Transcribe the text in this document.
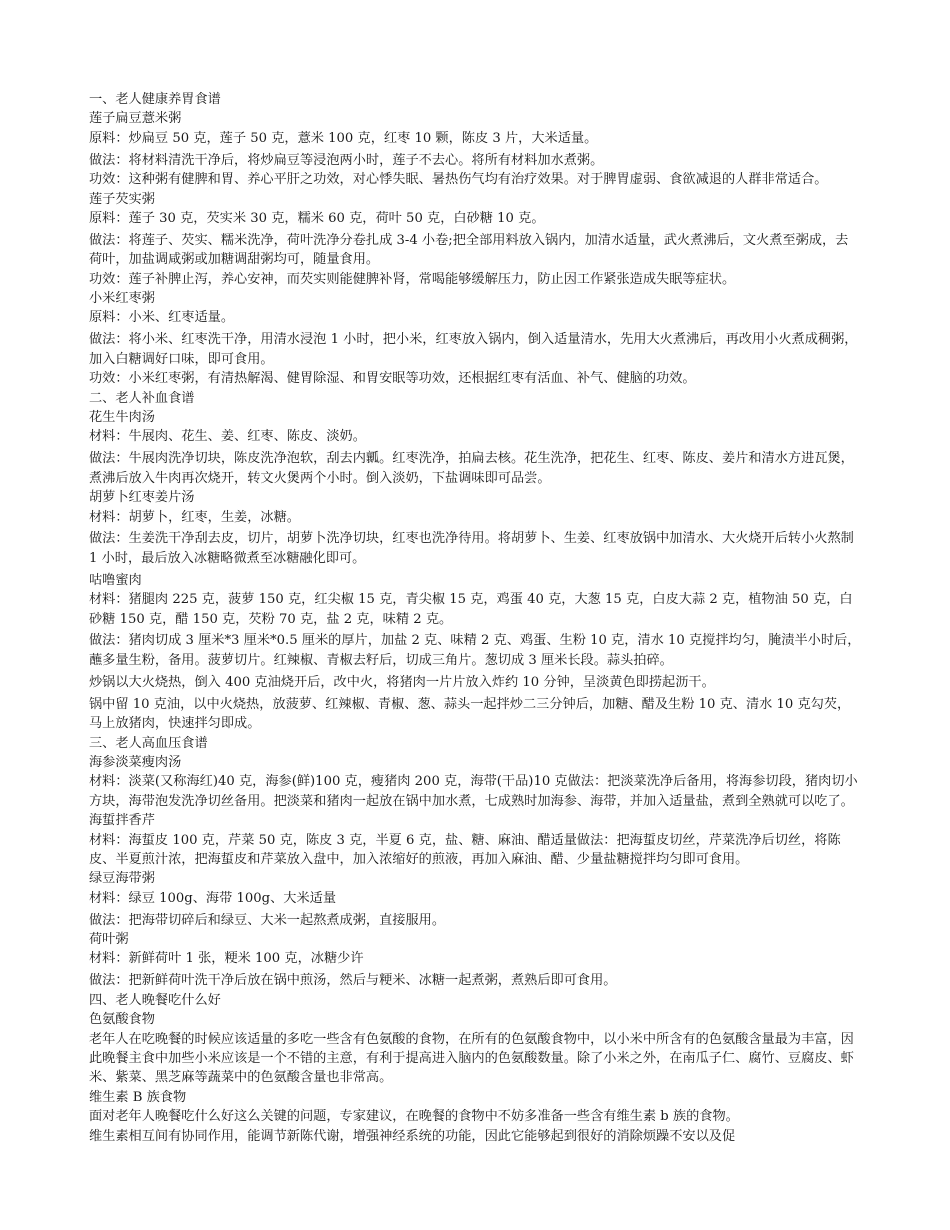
一、老人健康养胃食谱

莲子扁豆薏米粥

原料：炒扁豆 50 克，莲子 50 克，薏米 100 克，红枣 10 颗，陈皮 3 片，大米适量。

做法：将材料清洗干净后，将炒扁豆等浸泡两小时，莲子不去心。将所有材料加水煮粥。

功效：这种粥有健脾和胃、养心平肝之功效，对心悸失眠、暑热伤气均有治疗效果。对于脾胃虚弱、食欲减退的人群非常适合。

莲子芡实粥

原料：莲子 30 克，芡实米 30 克，糯米 60 克，荷叶 50 克，白砂糖 10 克。

做法：将莲子、芡实、糯米洗净，荷叶洗净分卷扎成 3-4 小卷;把全部用料放入锅内，加清水适量，武火煮沸后，文火煮至粥成，去荷叶，加盐调咸粥或加糖调甜粥均可，随量食用。

功效：莲子补脾止泻，养心安神，而芡实则能健脾补肾，常喝能够缓解压力，防止因工作紧张造成失眠等症状。

小米红枣粥

原料：小米、红枣适量。

做法：将小米、红枣洗干净，用清水浸泡 1 小时，把小米，红枣放入锅内，倒入适量清水，先用大火煮沸后，再改用小火煮成稠粥，加入白糖调好口味，即可食用。

功效：小米红枣粥，有清热解渴、健胃除湿、和胃安眠等功效，还根据红枣有活血、补气、健脑的功效。

二、老人补血食谱

花生牛肉汤

材料：牛展肉、花生、姜、红枣、陈皮、淡奶。

做法：牛展肉洗净切块，陈皮洗净泡软，刮去内瓤。红枣洗净，拍扁去核。花生洗净，把花生、红枣、陈皮、姜片和清水方进瓦煲，煮沸后放入牛肉再次烧开，转文火煲两个小时。倒入淡奶，下盐调味即可品尝。

胡萝卜红枣姜片汤

材料：胡萝卜，红枣，生姜，冰糖。

做法：生姜洗干净刮去皮，切片，胡萝卜洗净切块，红枣也洗净待用。将胡萝卜、生姜、红枣放锅中加清水、大火烧开后转小火熬制 1 小时，最后放入冰糖略微煮至冰糖融化即可。

咕噜蜜肉

材料：猪腿肉 225 克，菠萝 150 克，红尖椒 15 克，青尖椒 15 克，鸡蛋 40 克，大葱 15 克，白皮大蒜 2 克，植物油 50 克，白砂糖 150 克，醋 150 克，芡粉 70 克，盐 2 克，味精 2 克。

做法：猪肉切成 3 厘米*3 厘米*0.5 厘米的厚片，加盐 2 克、味精 2 克、鸡蛋、生粉 10 克，清水 10 克搅拌均匀，腌渍半小时后，蘸多量生粉，备用。菠萝切片。红辣椒、青椒去籽后，切成三角片。葱切成 3 厘米长段。蒜头拍碎。

炒锅以大火烧热，倒入 400 克油烧开后，改中火，将猪肉一片片放入炸约 10 分钟，呈淡黄色即捞起沥干。

锅中留 10 克油，以中火烧热，放菠萝、红辣椒、青椒、葱、蒜头一起拌炒二三分钟后，加糖、醋及生粉 10 克、清水 10 克勾芡，马上放猪肉，快速拌匀即成。

三、老人高血压食谱

海参淡菜瘦肉汤

材料：淡菜(又称海红)40 克，海参(鲜)100 克，瘦猪肉 200 克，海带(干品)10 克做法：把淡菜洗净后备用，将海参切段，猪肉切小方块，海带泡发洗净切丝备用。把淡菜和猪肉一起放在锅中加水煮，七成熟时加海参、海带，并加入适量盐，煮到全熟就可以吃了。

海蜇拌香芹

材料：海蜇皮 100 克，芹菜 50 克，陈皮 3 克，半夏 6 克，盐、糖、麻油、醋适量做法：把海蜇皮切丝，芹菜洗净后切丝，将陈皮、半夏煎汁浓，把海蜇皮和芹菜放入盘中，加入浓缩好的煎液，再加入麻油、醋、少量盐糖搅拌均匀即可食用。

绿豆海带粥

材料：绿豆 100g、海带 100g、大米适量

做法：把海带切碎后和绿豆、大米一起熬煮成粥，直接服用。

荷叶粥

材料：新鲜荷叶 1 张，粳米 100 克，冰糖少许

做法：把新鲜荷叶洗干净后放在锅中煎汤，然后与粳米、冰糖一起煮粥，煮熟后即可食用。

四、老人晚餐吃什么好

色氨酸食物

老年人在吃晚餐的时候应该适量的多吃一些含有色氨酸的食物，在所有的色氨酸食物中，以小米中所含有的色氨酸含量最为丰富，因此晚餐主食中加些小米应该是一个不错的主意，有利于提高进入脑内的色氨酸数量。除了小米之外，在南瓜子仁、腐竹、豆腐皮、虾米、紫菜、黑芝麻等蔬菜中的色氨酸含量也非常高。

维生素 B 族食物

面对老年人晚餐吃什么好这么关键的问题，专家建议，在晚餐的食物中不妨多准备一些含有维生素 b 族的食物。

维生素相互间有协同作用，能调节新陈代谢，增强神经系统的功能，因此它能够起到很好的消除烦躁不安以及促
